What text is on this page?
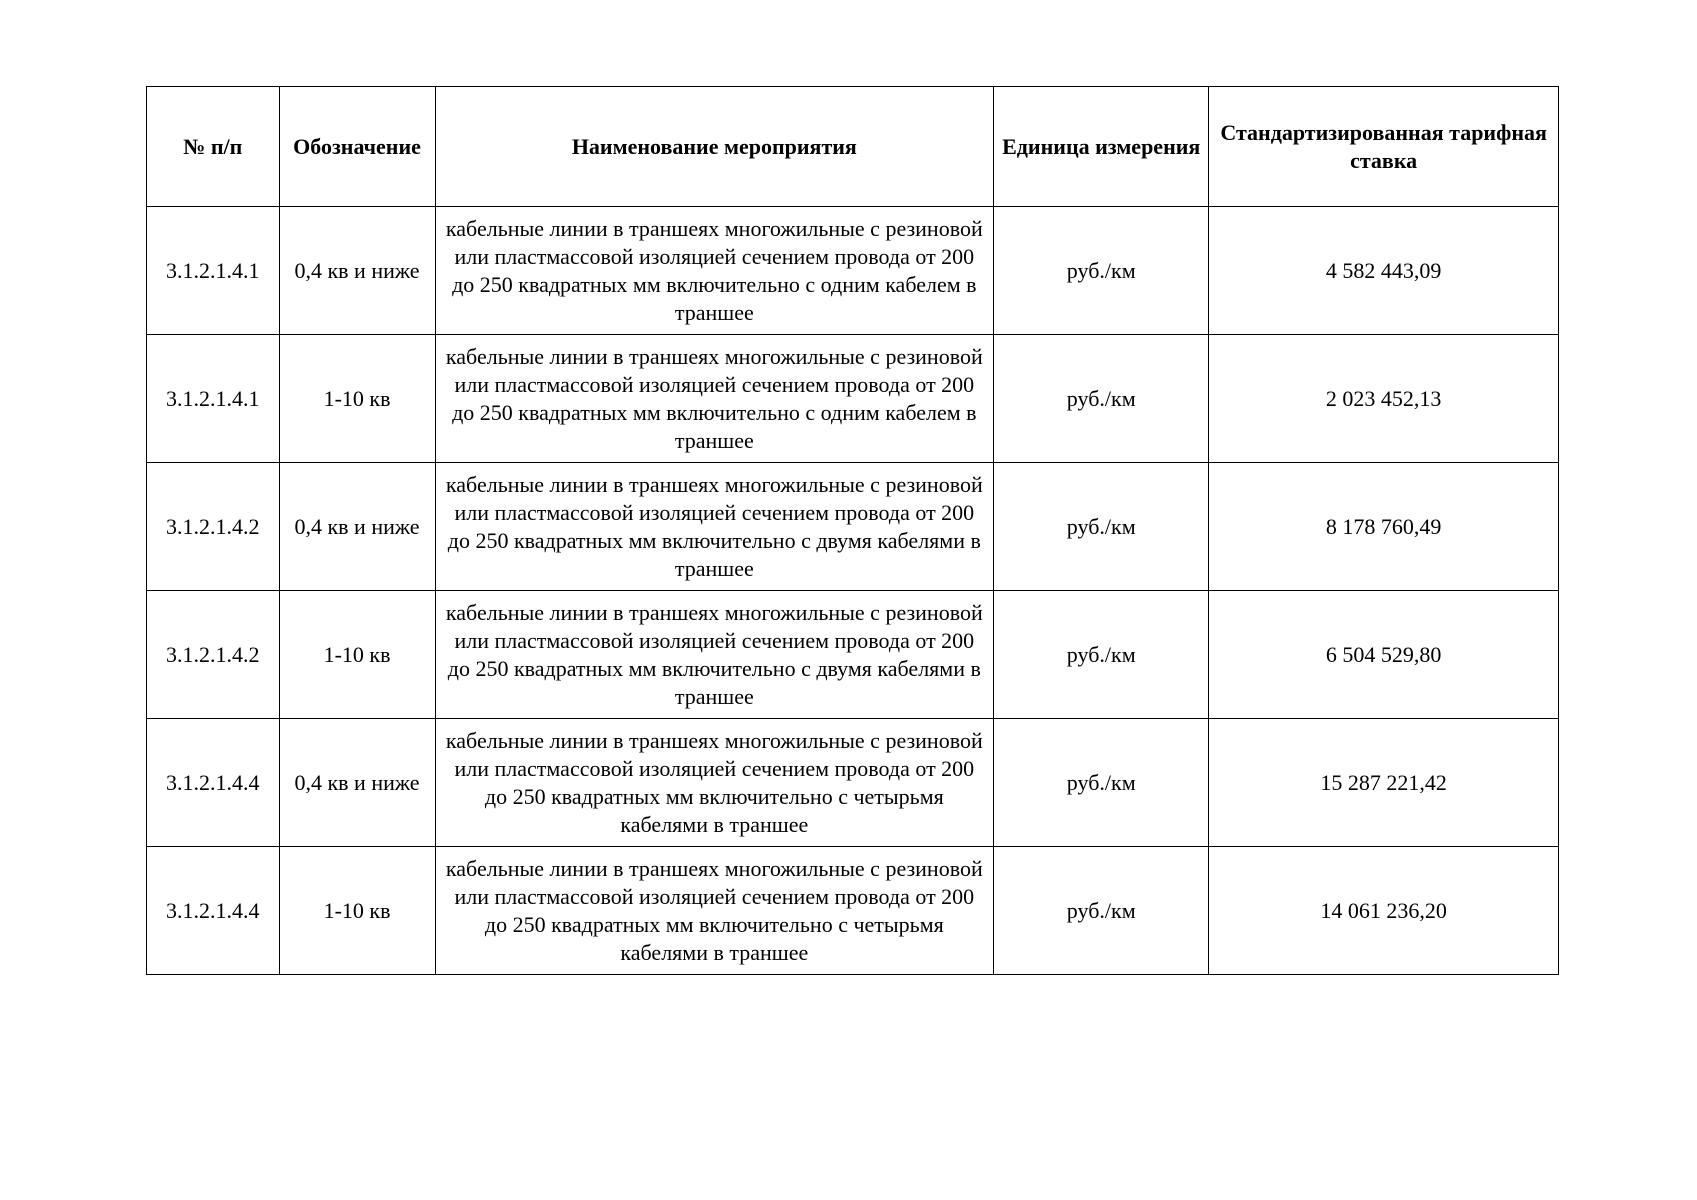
№ п/п	Обозначение	Наименование мероприятия	Единица измерения	Стандартизированная тарифная ставка
3.1.2.1.4.1	0,4 кв и ниже	кабельные линии в траншеях многожильные с резиновой или пластмассовой изоляцией сечением провода от 200 до 250 квадратных мм включительно с одним кабелем в траншее	руб./км	4 582 443,09
3.1.2.1.4.1	1-10 кв	кабельные линии в траншеях многожильные с резиновой или пластмассовой изоляцией сечением провода от 200 до 250 квадратных мм включительно с одним кабелем в траншее	руб./км	2 023 452,13
3.1.2.1.4.2	0,4 кв и ниже	кабельные линии в траншеях многожильные с резиновой или пластмассовой изоляцией сечением провода от 200 до 250 квадратных мм включительно с двумя кабелями в траншее	руб./км	8 178 760,49
3.1.2.1.4.2	1-10 кв	кабельные линии в траншеях многожильные с резиновой или пластмассовой изоляцией сечением провода от 200 до 250 квадратных мм включительно с двумя кабелями в траншее	руб./км	6 504 529,80
3.1.2.1.4.4	0,4 кв и ниже	кабельные линии в траншеях многожильные с резиновой или пластмассовой изоляцией сечением провода от 200 до 250 квадратных мм включительно с четырьмя кабелями в траншее	руб./км	15 287 221,42
3.1.2.1.4.4	1-10 кв	кабельные линии в траншеях многожильные с резиновой или пластмассовой изоляцией сечением провода от 200 до 250 квадратных мм включительно с четырьмя кабелями в траншее	руб./км	14 061 236,20
